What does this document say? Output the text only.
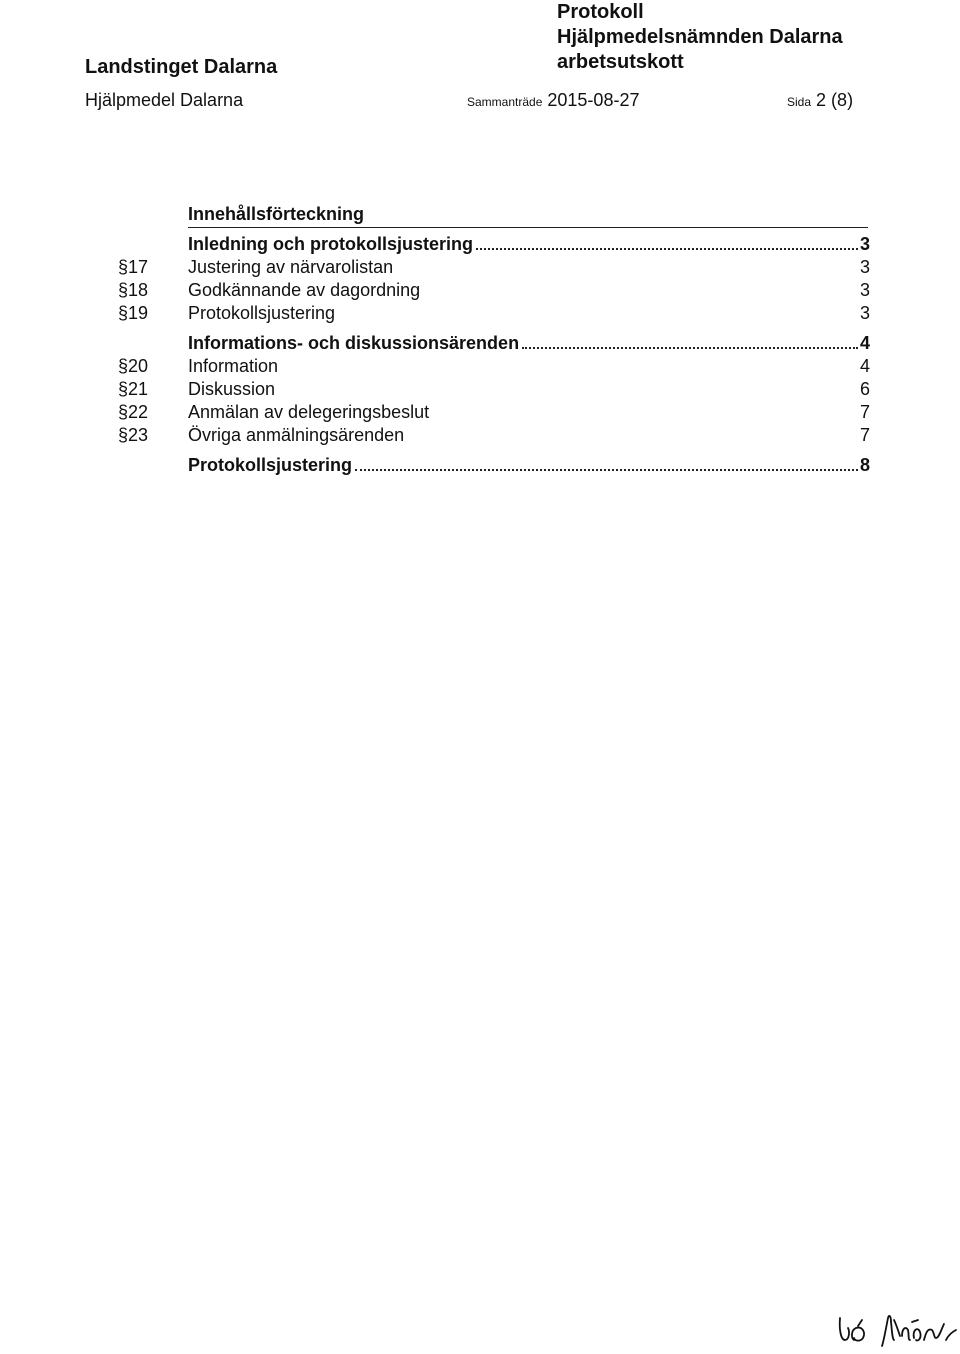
Landstinget Dalarna
Hjälpmedel Dalarna
Protokoll
Hjälpmedelsnämnden Dalarna
arbetsutskott
Sammanträde 2015-08-27	Sida 2 (8)
Innehållsförteckning
Inledning och protokollsjustering	3
§17	Justering av närvarolistan	3
§18	Godkännande av dagordning	3
§19	Protokollsjustering	3
Informations- och diskussionsärenden	4
§20	Information	4
§21	Diskussion	6
§22	Anmälan av delegeringsbeslut	7
§23	Övriga anmälningsärenden	7
Protokollsjustering	8
